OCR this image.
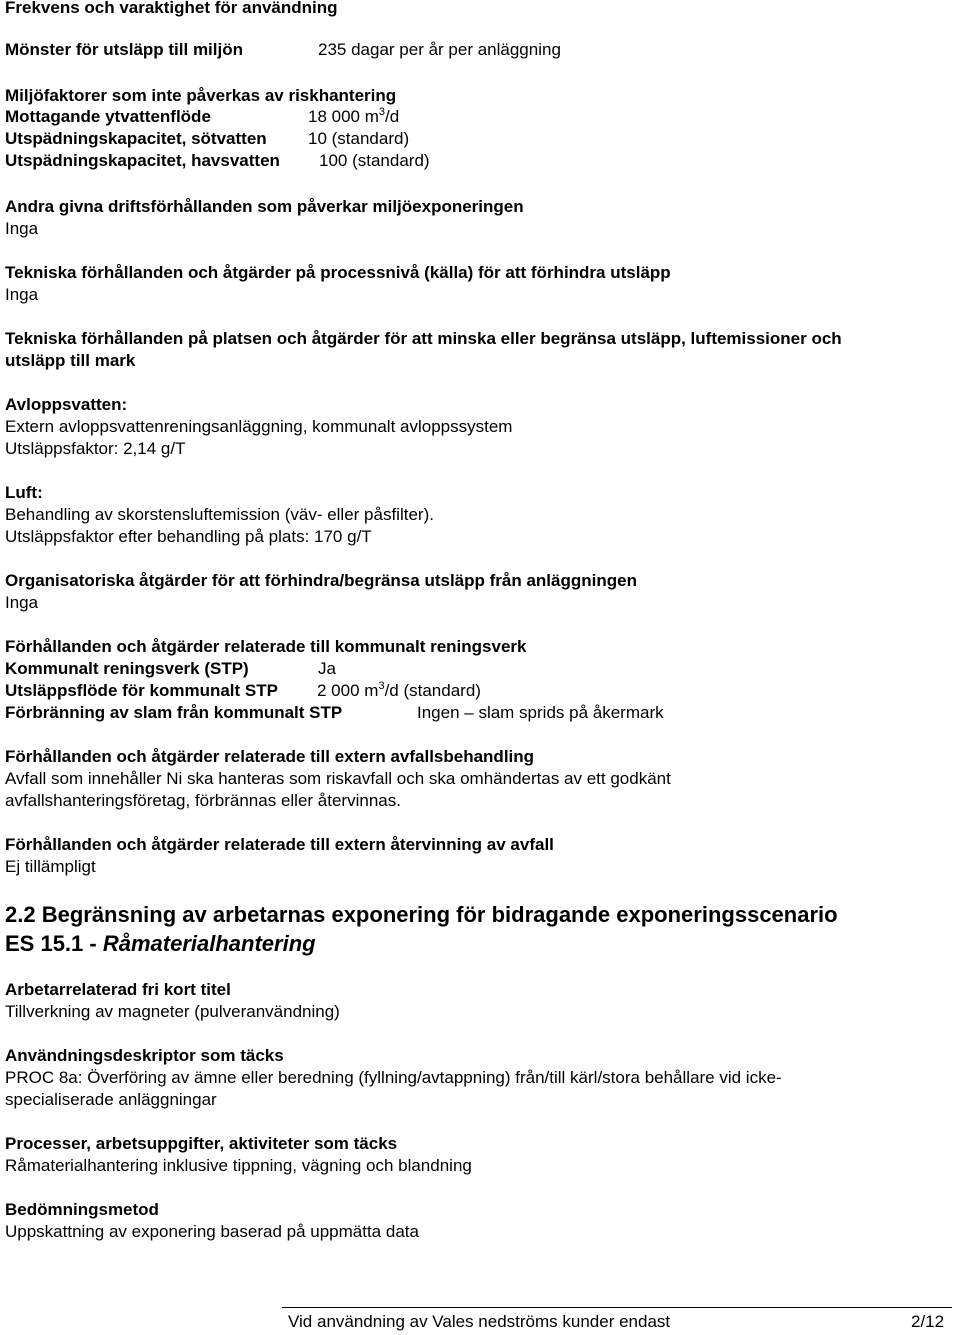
Frekvens och varaktighet för användning
Mönster för utsläpp till miljön	235 dagar per år per anläggning
Miljöfaktorer som inte påverkas av riskhantering
Mottagande ytvattenflöde	18 000 $m^3/d$
Utspädningskapacitet, sötvatten 10 (standard)
Utspädningskapacitet, havsvatten 100 (standard)
Andra givna driftsförhållanden som påverkar miljöexponeringen
Inga
Tekniska förhållanden och åtgärder på processnivå (källa) för att förhindra utsläpp
Inga
Tekniska förhållanden på platsen och åtgärder för att minska eller begränsa utsläpp, luftemissioner och
utsläpp till mark
Avloppsvatten:
Extern avloppsvattenreningsanläggning, kommunalt avloppssystem
Utsläppsfaktor: 2,14 g/T
Luft:
Behandling av skorstensluftemission (väv- eller påsfilter).
Utsläppsfaktor efter behandling på plats: 170 g/T
Organisatoriska åtgärder för att förhindra/begränsa utsläpp från anläggningen
Inga
Förhållanden och åtgärder relaterade till kommunalt reningsverk
Kommunalt reningsverk (STP)	Ja
Utsläppsflöde för kommunalt STP 2 000 $m^3/d$ (standard)
Förbränning av slam från kommunalt STP	Ingen – slam sprids på åkermark
Förhållanden och åtgärder relaterade till extern avfallsbehandling
Avfall som innehåller Ni ska hanteras som riskavfall och ska omhändertas av ett godkänt
avfallshanteringsföretag, förbrännas eller återvinnas.
Förhållanden och åtgärder relaterade till extern återvinning av avfall
Ej tillämpligt
2.2 Begränsning av arbetarnas exponering för bidragande exponeringsscenario
ES 15.1 - Råmaterialhantering
Arbetarrelaterad fri kort titel
Tillverkning av magneter (pulveranvändning)
Användningsdeskriptor som täcks
PROC 8a: Överföring av ämne eller beredning (fyllning/avtappning) från/till kärl/stora behållare vid icke-
specialiserade anläggningar
Processer, arbetsuppgifter, aktiviteter som täcks
Råmaterialhantering inklusive tippning, vägning och blandning
Bedömningsmetod
Uppskattning av exponering baserad på uppmätta data
Vid användning av Vales nedströms kunder endast	2/12
